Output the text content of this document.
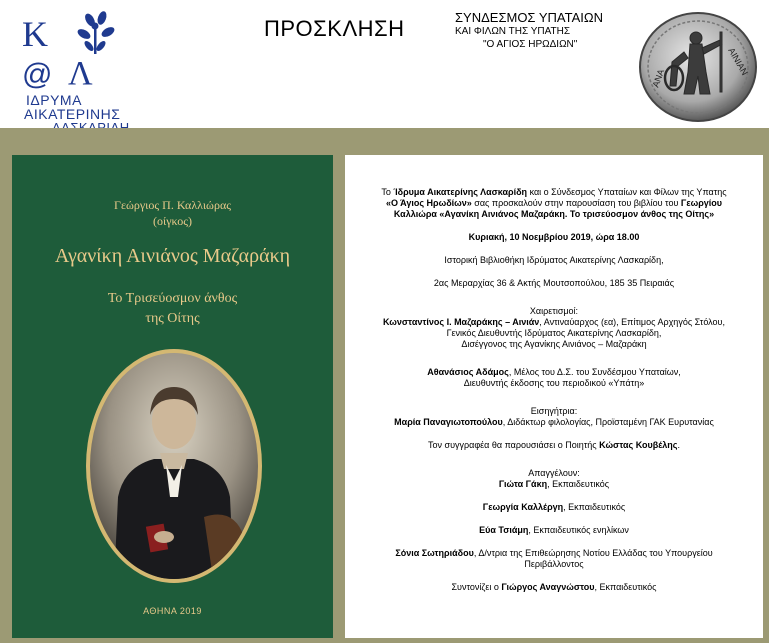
Κ
@ Λ
ΙΔΡΥΜΑ
ΑΙΚΑΤΕΡΙΝΗΣ
ΠΡΟΣΚΛΗΣΗ	ΣΥΝΔΕΣΜΟΣ ΥΠΑΤΑΙΩΝ
ΚΑΙ ΦΙΛΩΝ ΤΗΣ ΥΠΑΤΗΣ
"Ο ΑΓΙΟΣ ΗΡΩΔΙΩΝ"
ΑΙΝΙΑΝ
ΑΝΑ
Γεώργιος Π. Καλλιώρας
(οίγκος)
Αγανίκη Αινιάνος Μαζαράκη
Το Τρισεύοσμον άνθος
της Οίτης
ΑΘΗΝΑ 2019

Το Ίδρυμα Αικατερίνης Λασκαρίδη και ο Σύνδεσμος Υπαταίων και Φίλων της Υπατης
«Ο Άγιος Ηρωδίων» σας προσκαλούν στην παρουσίαση του βιβλίου του Γεωργίου
Καλλιώρα «Αγανίκη Αινιάνος Μαζαράκη. Το τρισεύοσμον άνθος της Οίτης»

Κυριακή, 10 Νοεμβρίου 2019, ώρα 18.00

Ιστορική Βιβλιοθήκη Ιδρύματος Αικατερίνης Λασκαρίδη,

2ας Μεραρχίας 36 & Ακτής Μουτσοπούλου, 185 35 Πειραιάς

Χαιρετισμοί:

Κωνσταντίνος Ι. Μαζαράκης – Αινιάν, Αντιναύαρχος (εα), Επίτιμος Αρχηγός Στόλου,
Γενικός Διευθυντής Ιδρύματος Αικατερίνης Λασκαρίδη,
Δισέγγονος της Αγανίκης Αινιάνος – Μαζαράκη

Αθανάσιος Αδάμος, Μέλος του Δ.Σ. του Συνδέσμου Υπαταίων,
Διευθυντής έκδοσης του περιοδικού «Υπάτη»

Εισηγήτρια:

Μαρία Παναγιωτοπούλου, Διδάκτωρ φιλολογίας, Προϊσταμένη ΓΑΚ Ευρυτανίας

Τον συγγραφέα θα παρουσιάσει ο Ποιητής Κώστας Κουβέλης.

Απαγγέλουν:

Γιώτα Γάκη, Εκπαιδευτικός

Γεωργία Καλλέργη, Εκπαιδευτικός

Εύα Τσιάμη, Εκπαιδευτικός ενηλίκων

Σόνια Σωτηριάδου, Δ/ντρια της Επιθεώρησης Νοτίου Ελλάδας του Υπουργείου
Περιβάλλοντος

Συντονίζει ο Γιώργος Αναγνώστου, Εκπαιδευτικός
